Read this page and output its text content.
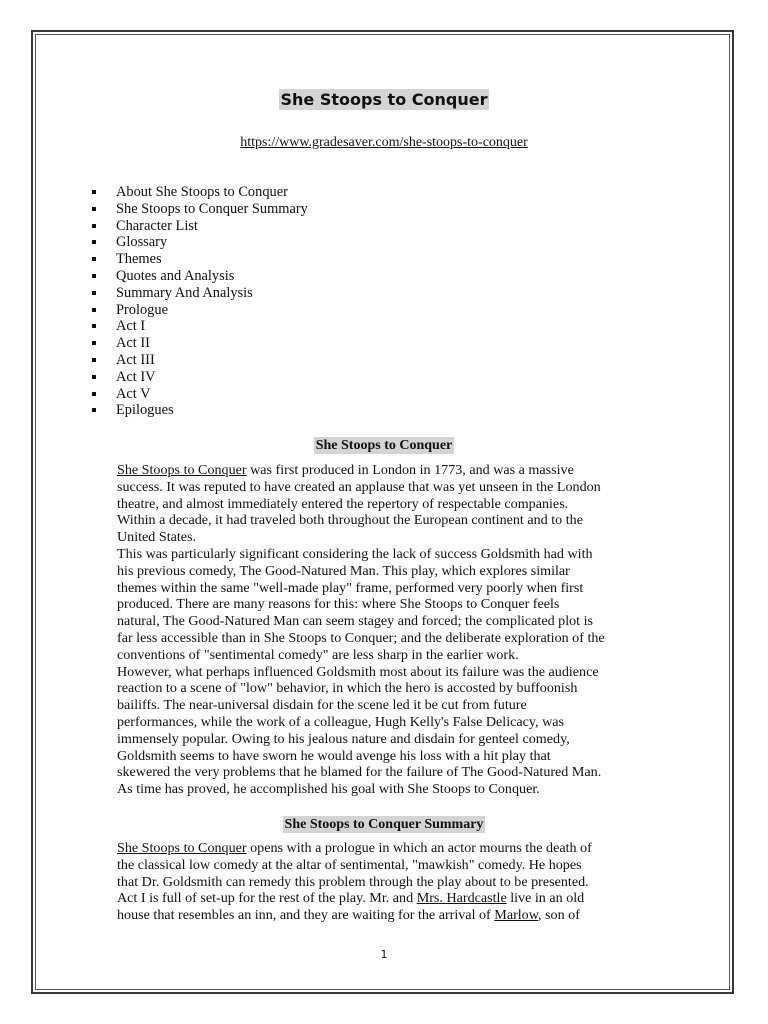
She Stoops to Conquer
https://www.gradesaver.com/she-stoops-to-conquer
About She Stoops to Conquer
She Stoops to Conquer Summary
Character List
Glossary
Themes
Quotes and Analysis
Summary And Analysis
Prologue
Act I
Act II
Act III
Act IV
Act V
Epilogues
She Stoops to Conquer
She Stoops to Conquer was first produced in London in 1773, and was a massive
success. It was reputed to have created an applause that was yet unseen in the London
theatre, and almost immediately entered the repertory of respectable companies.
Within a decade, it had traveled both throughout the European continent and to the
United States.
This was particularly significant considering the lack of success Goldsmith had with
his previous comedy, The Good-Natured Man. This play, which explores similar
themes within the same "well-made play" frame, performed very poorly when first
produced. There are many reasons for this: where She Stoops to Conquer feels
natural, The Good-Natured Man can seem stagey and forced; the complicated plot is
far less accessible than in She Stoops to Conquer; and the deliberate exploration of the
conventions of "sentimental comedy" are less sharp in the earlier work.
However, what perhaps influenced Goldsmith most about its failure was the audience
reaction to a scene of "low" behavior, in which the hero is accosted by buffoonish
bailiffs. The near-universal disdain for the scene led it be cut from future
performances, while the work of a colleague, Hugh Kelly's False Delicacy, was
immensely popular. Owing to his jealous nature and disdain for genteel comedy,
Goldsmith seems to have sworn he would avenge his loss with a hit play that
skewered the very problems that he blamed for the failure of The Good-Natured Man.
As time has proved, he accomplished his goal with She Stoops to Conquer.
She Stoops to Conquer Summary
She Stoops to Conquer opens with a prologue in which an actor mourns the death of
the classical low comedy at the altar of sentimental, "mawkish" comedy. He hopes
that Dr. Goldsmith can remedy this problem through the play about to be presented.
Act I is full of set-up for the rest of the play. Mr. and Mrs. Hardcastle live in an old
house that resembles an inn, and they are waiting for the arrival of Marlow, son of
1
